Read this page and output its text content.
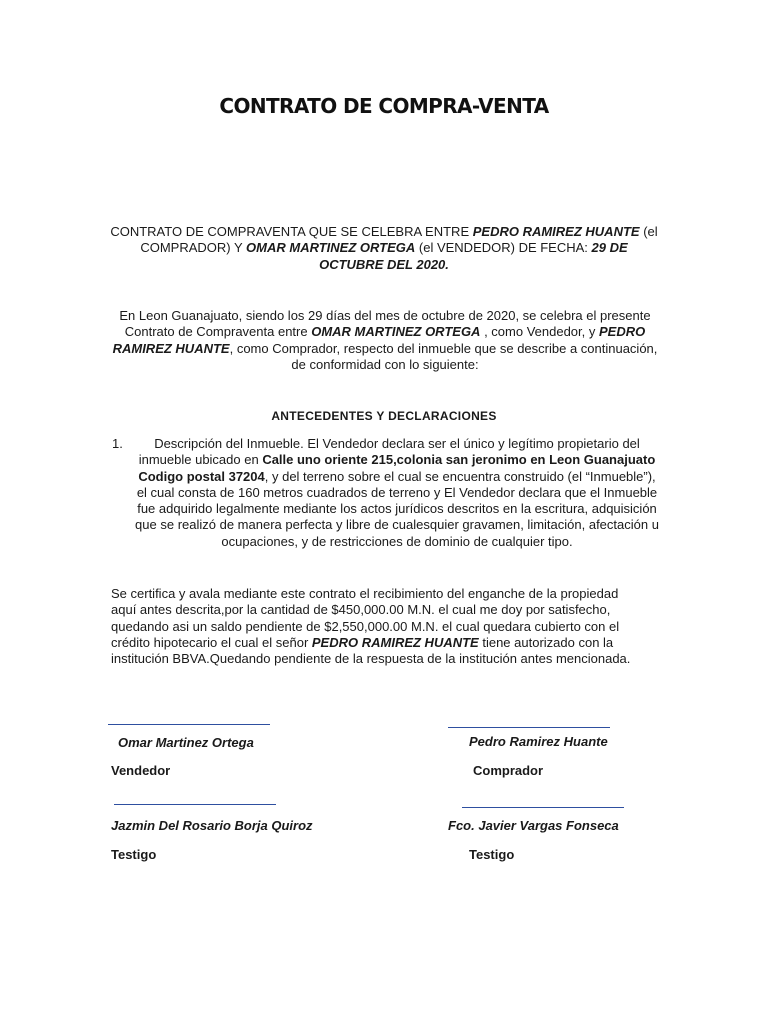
CONTRATO DE COMPRA-VENTA
CONTRATO DE COMPRAVENTA QUE SE CELEBRA ENTRE PEDRO RAMIREZ HUANTE (el COMPRADOR) Y OMAR MARTINEZ ORTEGA (el VENDEDOR) DE FECHA: 29 DE OCTUBRE DEL 2020.
En Leon Guanajuato, siendo los 29 días del mes de octubre de 2020, se celebra el presente Contrato de Compraventa entre OMAR MARTINEZ ORTEGA , como Vendedor, y PEDRO RAMIREZ HUANTE, como Comprador, respecto del inmueble que se describe a continuación, de conformidad con lo siguiente:
ANTECEDENTES Y DECLARACIONES
1.	Descripción del Inmueble. El Vendedor declara ser el único y legítimo propietario del inmueble ubicado en Calle uno oriente 215,colonia san jeronimo en Leon Guanajuato Codigo postal 37204, y del terreno sobre el cual se encuentra construido (el “Inmueble”), el cual consta de 160 metros cuadrados de terreno y El Vendedor declara que el Inmueble fue adquirido legalmente mediante los actos jurídicos descritos en la escritura, adquisición que se realizó de manera perfecta y libre de cualesquier gravamen, limitación, afectación u ocupaciones, y de restricciones de dominio de cualquier tipo.
Se certifica y avala mediante este contrato el recibimiento del enganche de la propiedad aquí antes descrita,por la cantidad de $450,000.00 M.N. el cual me doy por satisfecho, quedando asi un saldo pendiente de $2,550,000.00 M.N. el cual quedara cubierto con el crédito hipotecario el cual el señor PEDRO RAMIREZ HUANTE tiene autorizado con la institución BBVA.Quedando pendiente de la respuesta de la institución antes mencionada.
Omar Martinez Ortega	Pedro Ramirez Huante
Vendedor	Comprador
Jazmin Del Rosario Borja Quiroz	Fco. Javier Vargas Fonseca
Testigo	Testigo
